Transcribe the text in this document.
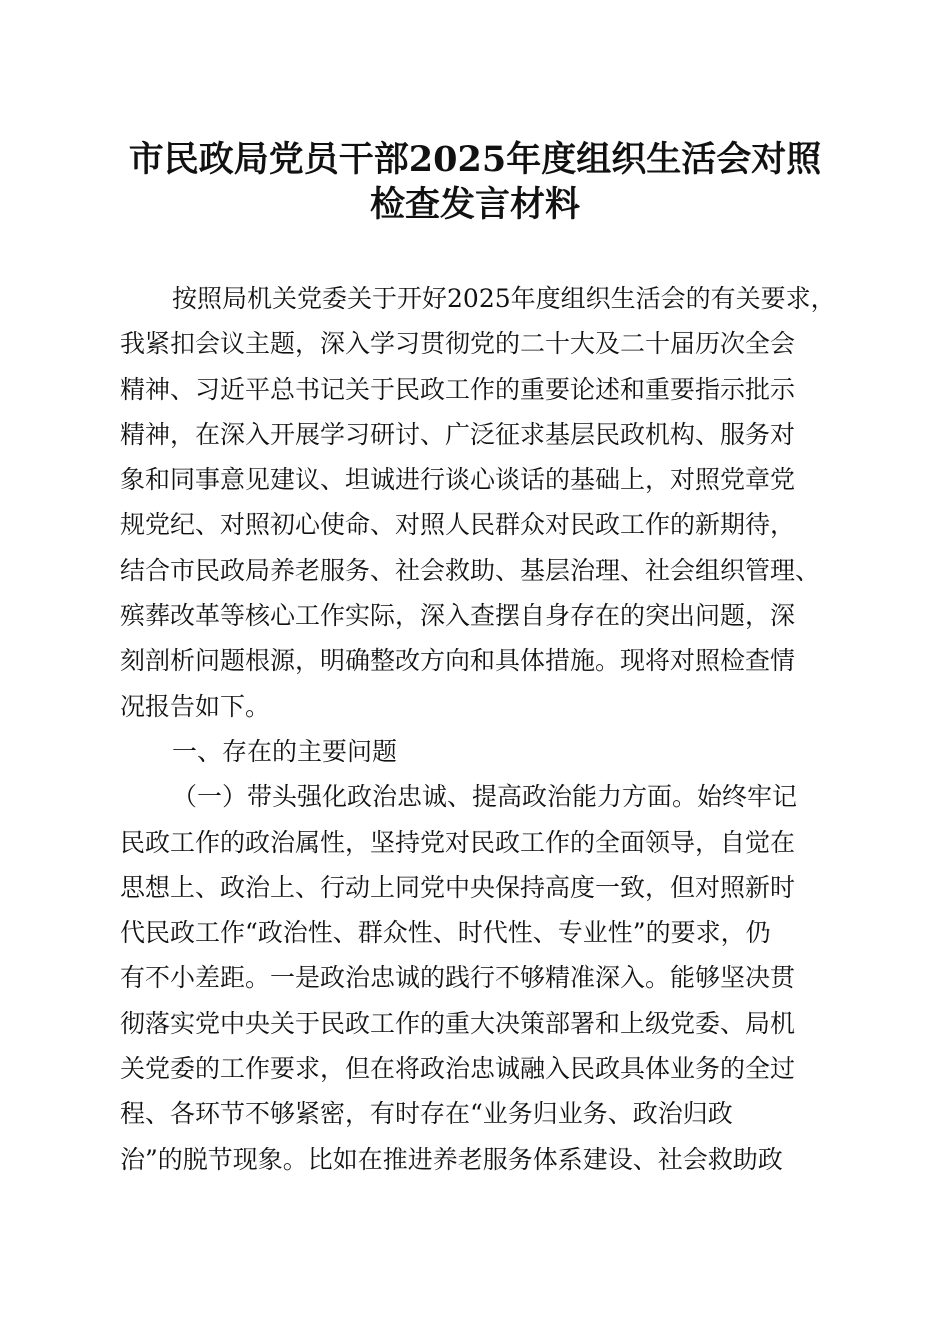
市民政局党员干部2025年度组织生活会对照
检查发言材料
按照局机关党委关于开好2025年度组织生活会的有关要求，
我紧扣会议主题，深入学习贯彻党的二十大及二十届历次全会
精神、习近平总书记关于民政工作的重要论述和重要指示批示
精神，在深入开展学习研讨、广泛征求基层民政机构、服务对
象和同事意见建议、坦诚进行谈心谈话的基础上，对照党章党
规党纪、对照初心使命、对照人民群众对民政工作的新期待，
结合市民政局养老服务、社会救助、基层治理、社会组织管理、
殡葬改革等核心工作实际，深入查摆自身存在的突出问题，深
刻剖析问题根源，明确整改方向和具体措施。现将对照检查情
况报告如下。
一、存在的主要问题
（一）带头强化政治忠诚、提高政治能力方面。始终牢记
民政工作的政治属性，坚持党对民政工作的全面领导，自觉在
思想上、政治上、行动上同党中央保持高度一致，但对照新时
代民政工作“政治性、群众性、时代性、专业性”的要求，仍
有不小差距。一是政治忠诚的践行不够精准深入。能够坚决贯
彻落实党中央关于民政工作的重大决策部署和上级党委、局机
关党委的工作要求，但在将政治忠诚融入民政具体业务的全过
程、各环节不够紧密，有时存在“业务归业务、政治归政
治”的脱节现象。比如在推进养老服务体系建设、社会救助政
